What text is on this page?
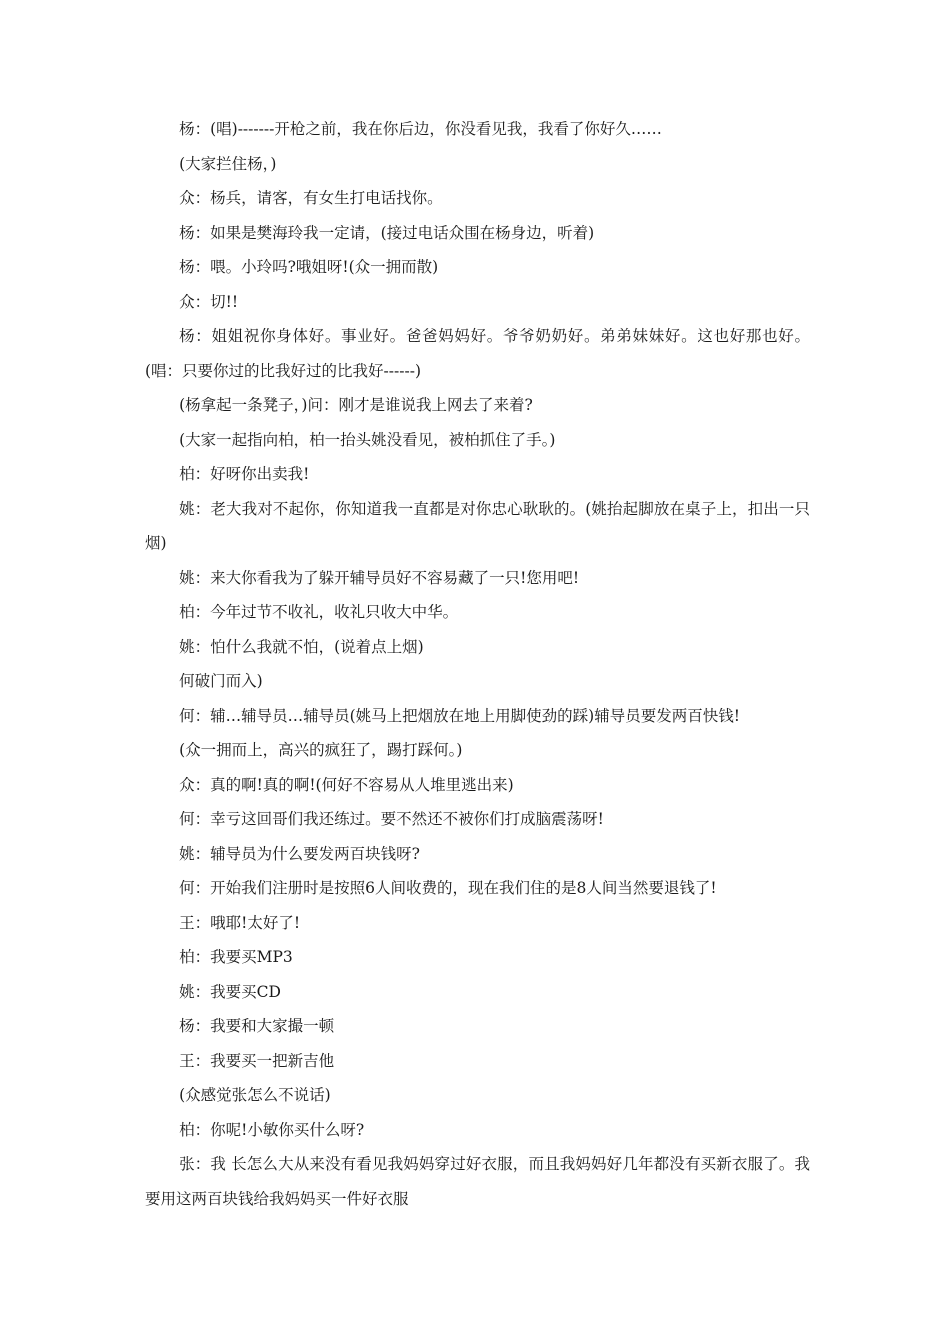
杨：(唱)-------开枪之前，我在你后边，你没看见我，我看了你好久……

(大家拦住杨，)

众：杨兵，请客，有女生打电话找你。

杨：如果是樊海玲我一定请，(接过电话众围在杨身边，听着)

杨：喂。小玲吗?哦姐呀!(众一拥而散)

众：切!!

杨：姐姐祝你身体好。事业好。爸爸妈妈好。爷爷奶奶好。弟弟妹妹好。这也好那也好。(唱：只要你过的比我好过的比我好------)

(杨拿起一条凳子，)问：刚才是谁说我上网去了来着?

(大家一起指向柏，柏一抬头姚没看见，被柏抓住了手。)

柏：好呀你出卖我!

姚：老大我对不起你，你知道我一直都是对你忠心耿耿的。(姚抬起脚放在桌子上，扣出一只烟)

姚：来大你看我为了躲开辅导员好不容易藏了一只!您用吧!

柏：今年过节不收礼，收礼只收大中华。

姚：怕什么我就不怕，(说着点上烟)

何破门而入)

何：辅…辅导员…辅导员(姚马上把烟放在地上用脚使劲的踩)辅导员要发两百快钱!

(众一拥而上，高兴的疯狂了，踢打踩何。)

众：真的啊!真的啊!(何好不容易从人堆里逃出来)

何：幸亏这回哥们我还练过。要不然还不被你们打成脑震荡呀!

姚：辅导员为什么要发两百块钱呀?

何：开始我们注册时是按照6人间收费的，现在我们住的是8人间当然要退钱了!

王：哦耶!太好了!

柏：我要买MP3

姚：我要买CD

杨：我要和大家撮一顿

王：我要买一把新吉他

(众感觉张怎么不说话)

柏：你呢!小敏你买什么呀?

张：我 长怎么大从来没有看见我妈妈穿过好衣服，而且我妈妈好几年都没有买新衣服了。我要用这两百块钱给我妈妈买一件好衣服
